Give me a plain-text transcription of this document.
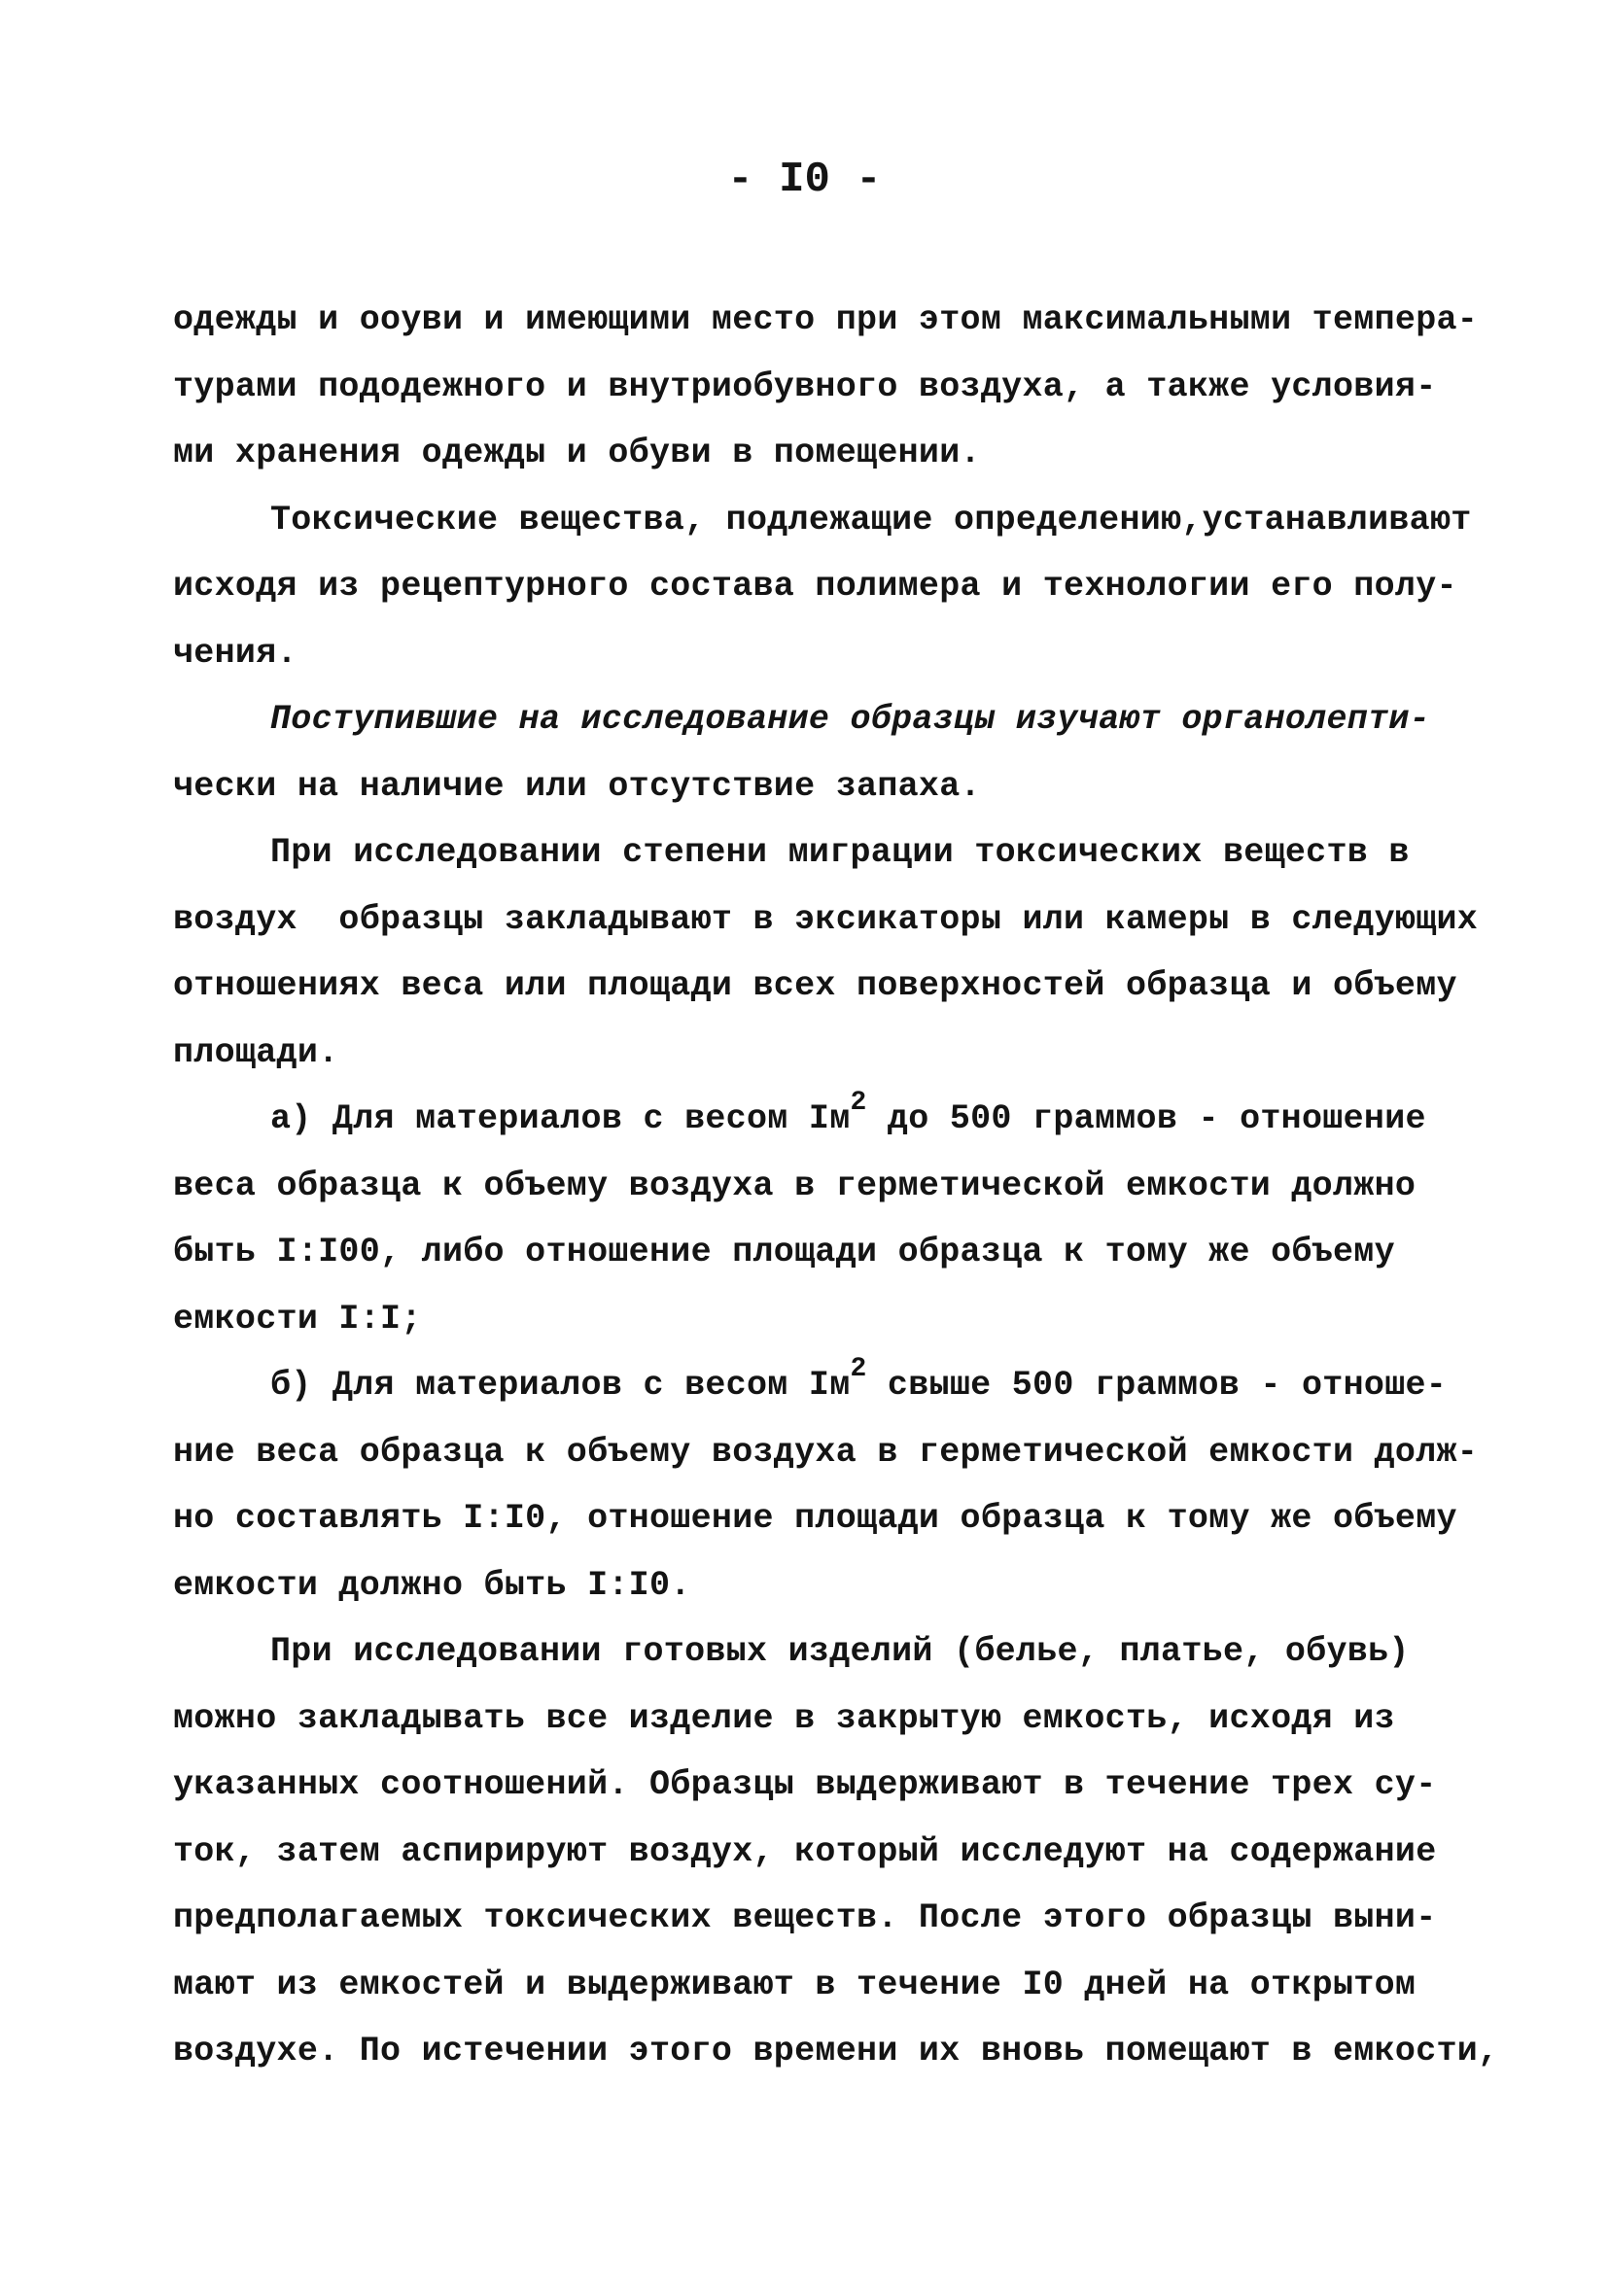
- I0 -
одежды и ооуви и имеющими место при этом максимальными темпера-
турами пододежного и внутриобувного воздуха, а также условия-
ми хранения одежды и обуви в помещении.
Токсические вещества, подлежащие определению,устанавливают
исходя из рецептурного состава полимера и технологии его полу-
чения.
Поступившие на исследование образцы изучают органолепти-
чески на наличие или отсутствие запаха.
При исследовании степени миграции токсических веществ в
воздух  образцы закладывают в эксикаторы или камеры в следующих
отношениях веса или площади всех поверхностей образца и объему
площади.
а) Для материалов с весом $Iм^2$ до 500 граммов - отношение
веса образца к объему воздуха в герметической емкости должно
быть I:I00, либо отношение площади образца к тому же объему
емкости I:I;
б) Для материалов с весом $Iм^2$ свыше 500 граммов - отноше-
ние веса образца к объему воздуха в герметической емкости долж-
но составлять I:I0, отношение площади образца к тому же объему
емкости должно быть I:I0.
При исследовании готовых изделий (белье, платье, обувь)
можно закладывать все изделие в закрытую емкость, исходя из
указанных соотношений. Образцы выдерживают в течение трех су-
ток, затем аспирируют воздух, который исследуют на содержание
предполагаемых токсических веществ. После этого образцы выни-
мают из емкостей и выдерживают в течение I0 дней на открытом
воздухе. По истечении этого времени их вновь помещают в емкости,
